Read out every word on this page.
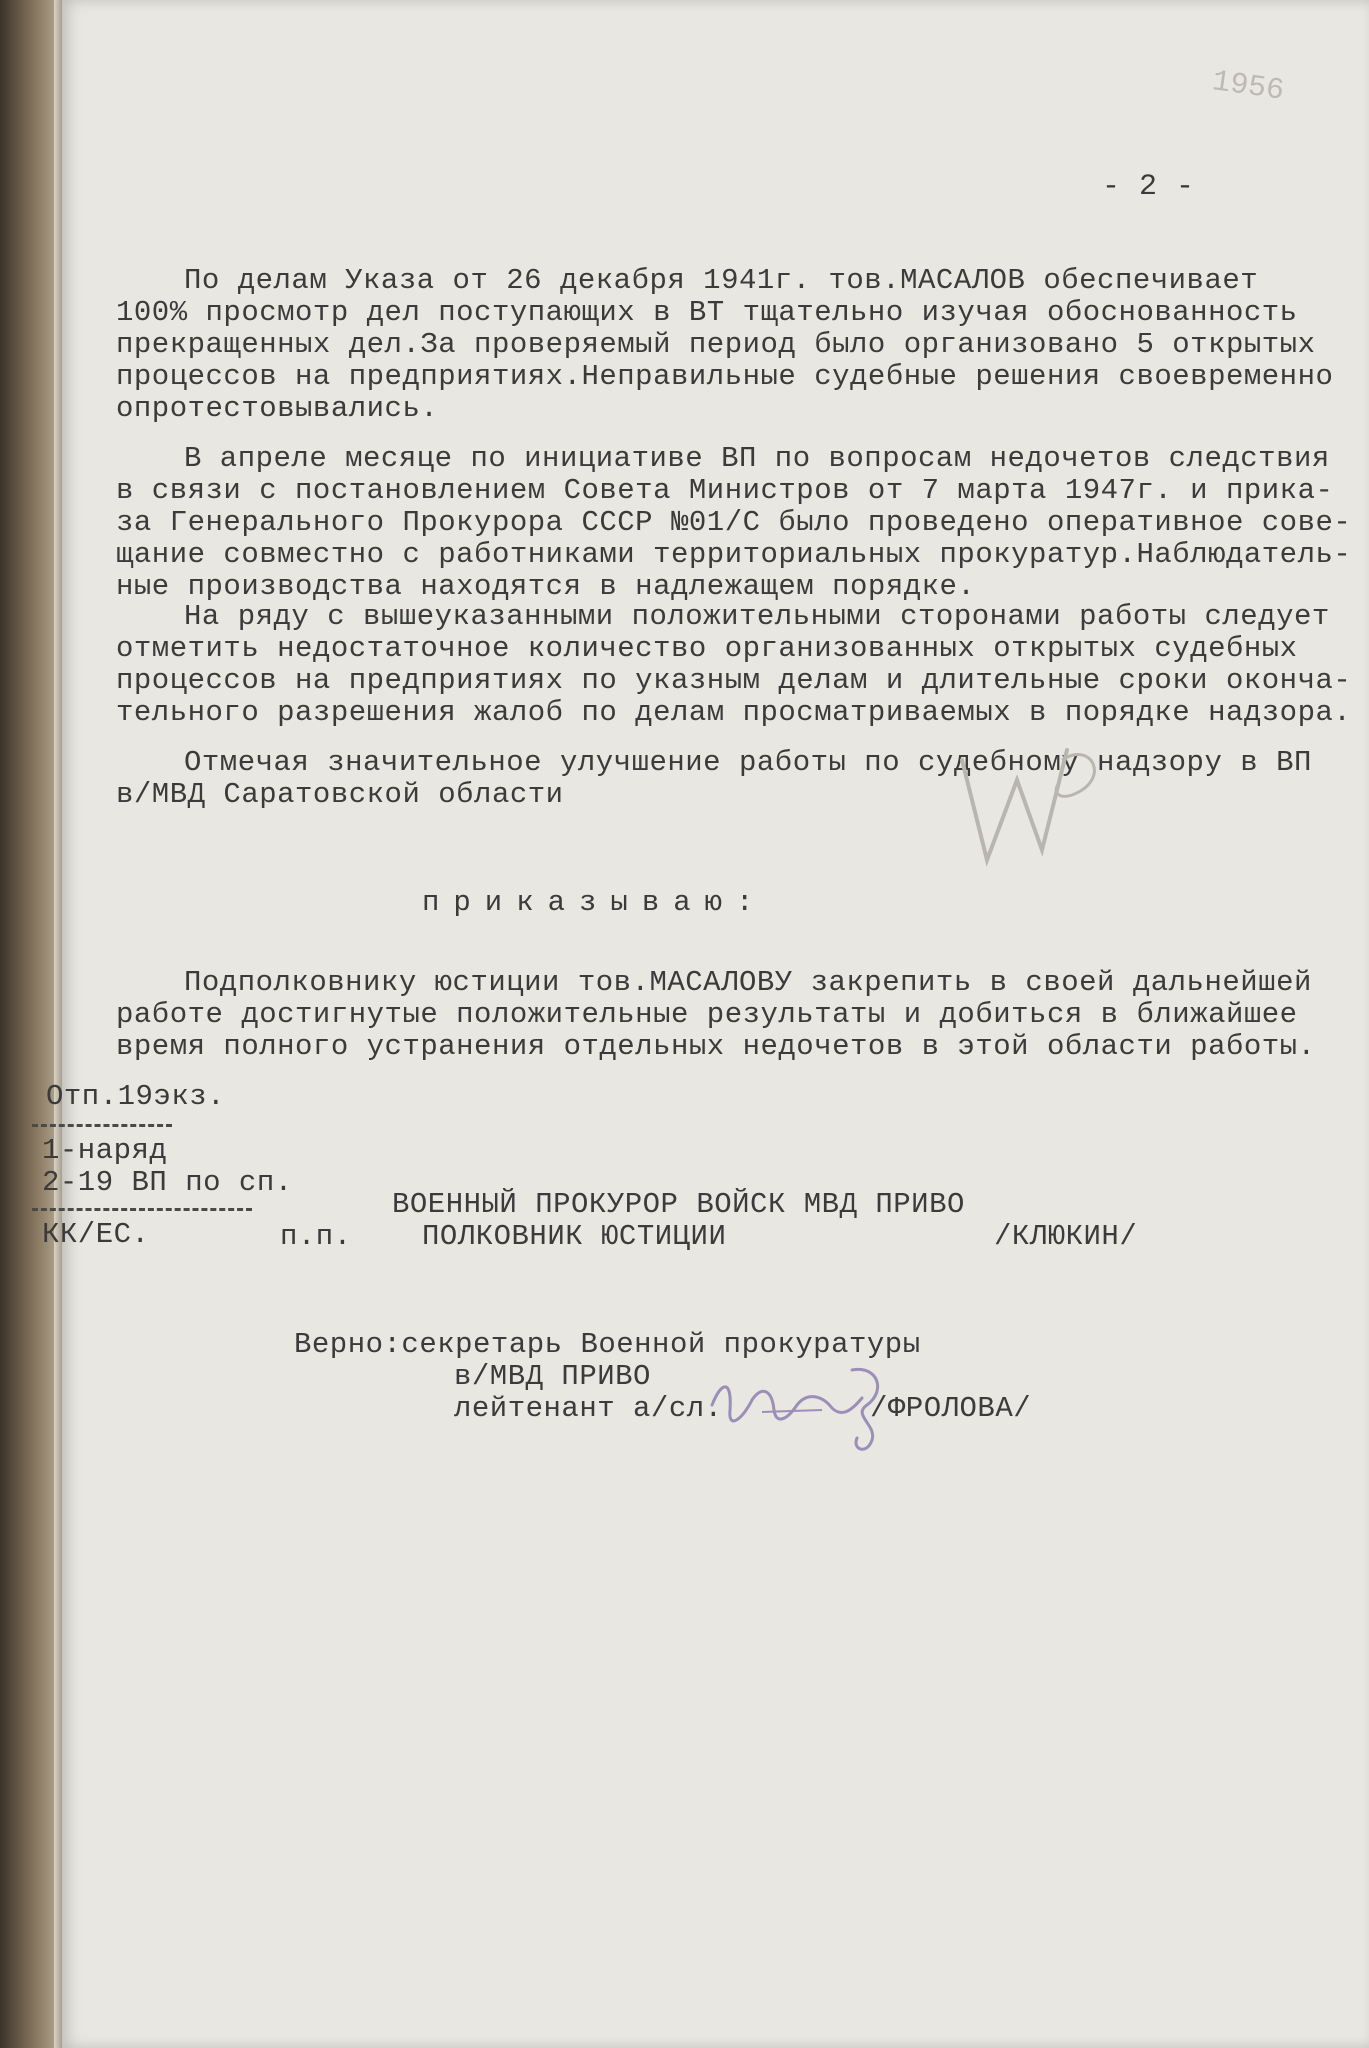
1956
- 2 -
По делам Указа от 26 декабря 1941г. тов.МАСАЛОВ обеспечивает
100% просмотр дел поступающих в ВТ тщательно изучая обоснованность
прекращенных дел.За проверяемый период было организовано 5 открытых
процессов на предприятиях.Неправильные судебные решения своевременно
опротестовывались.
В апреле месяце по инициативе ВП по вопросам недочетов следствия
в связи с постановлением Совета Министров от 7 марта 1947г. и прика-
за Генерального Прокурора СССР №01/С было проведено оперативное сове-
щание совместно с работниками территориальных прокуратур.Наблюдатель-
ные производства находятся в надлежащем порядке.
На ряду с вышеуказанными положительными сторонами работы следует
отметить недостаточное количество организованных открытых судебных
процессов на предприятиях по указным делам и длительные сроки оконча-
тельного разрешения жалоб по делам просматриваемых в порядке надзора.
Отмечая значительное улучшение работы по судебному надзору в ВП
в/МВД Саратовской области
приказываю:
Подполковнику юстиции тов.МАСАЛОВУ закрепить в своей дальнейшей
работе достигнутые положительные результаты и добиться в ближайшее
время полного устранения отдельных недочетов в этой области работы.
Отп.19экз.
1-наряд
2-19 ВП по сп.
КК/ЕС.	п.п.
ВОЕННЫЙ ПРОКУРОР ВОЙСК МВД ПРИВО
ПОЛКОВНИК ЮСТИЦИИ	/КЛЮКИН/
Верно:секретарь Военной прокуратуры
в/МВД ПРИВО
лейтенант а/сл.	/ФРОЛОВА/
